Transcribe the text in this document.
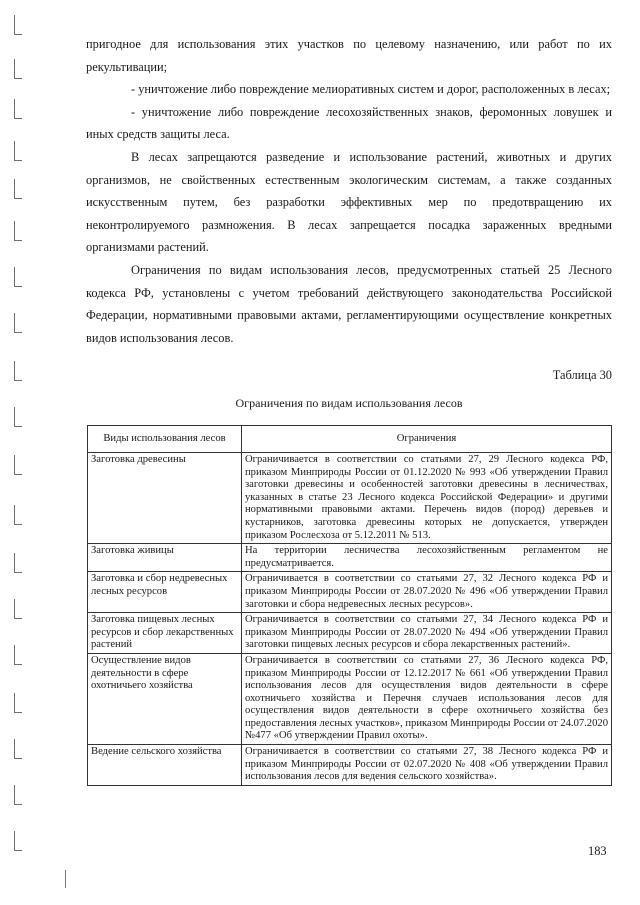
пригодное для использования этих участков по целевому назначению, или работ по их рекультивации;

- уничтожение либо повреждение мелиоративных систем и дорог, расположенных в лесах;

- уничтожение либо повреждение лесохозяйственных знаков, феромонных ловушек и иных средств защиты леса.

В лесах запрещаются разведение и использование растений, животных и других организмов, не свойственных естественным экологическим системам, а также созданных искусственным путем, без разработки эффективных мер по предотвращению их неконтролируемого размножения. В лесах запрещается посадка зараженных вредными организмами растений.

Ограничения по видам использования лесов, предусмотренных статьей 25 Лесного кодекса РФ, установлены с учетом требований действующего законодательства Российской Федерации, нормативными правовыми актами, регламентирующими осуществление конкретных видов использования лесов.

Таблица 30
Ограничения по видам использования лесов
Виды использования лесов	Ограничения
Заготовка древесины	Ограничивается в соответствии со статьями 27, 29 Лесного кодекса РФ, приказом Минприроды России от 01.12.2020 № 993 «Об утверждении Правил заготовки древесины и особенностей заготовки древесины в лесничествах, указанных в статье 23 Лесного кодекса Российской Федерации» и другими нормативными правовыми актами. Перечень видов (пород) деревьев и кустарников, заготовка древесины которых не допускается, утвержден приказом Рослесхоза от 5.12.2011 № 513.
Заготовка живицы	На территории лесничества лесохозяйственным регламентом не предусматривается.
Заготовка и сбор недревесных лесных ресурсов	Ограничивается в соответствии со статьями 27, 32 Лесного кодекса РФ и приказом Минприроды России от 28.07.2020 № 496 «Об утверждении Правил заготовки и сбора недревесных лесных ресурсов».
Заготовка пищевых лесных ресурсов и сбор лекарственных растений	Ограничивается в соответствии со статьями 27, 34 Лесного кодекса РФ и приказом Минприроды России от 28.07.2020 № 494 «Об утверждении Правил заготовки пищевых лесных ресурсов и сбора лекарственных растений».
Осуществление видов деятельности в сфере охотничьего хозяйства	Ограничивается в соответствии со статьями 27, 36 Лесного кодекса РФ, приказом Минприроды России от 12.12.2017 № 661 «Об утверждении Правил использования лесов для осуществления видов деятельности в сфере охотничьего хозяйства и Перечня случаев использования лесов для осуществления видов деятельности в сфере охотничьего хозяйства без предоставления лесных участков», приказом Минприроды России от 24.07.2020 №477 «Об утверждении Правил охоты».
Ведение сельского хозяйства	Ограничивается в соответствии со статьями 27, 38 Лесного кодекса РФ и приказом Минприроды России от 02.07.2020 № 408 «Об утверждении Правил использования лесов для ведения сельского хозяйства».
183
